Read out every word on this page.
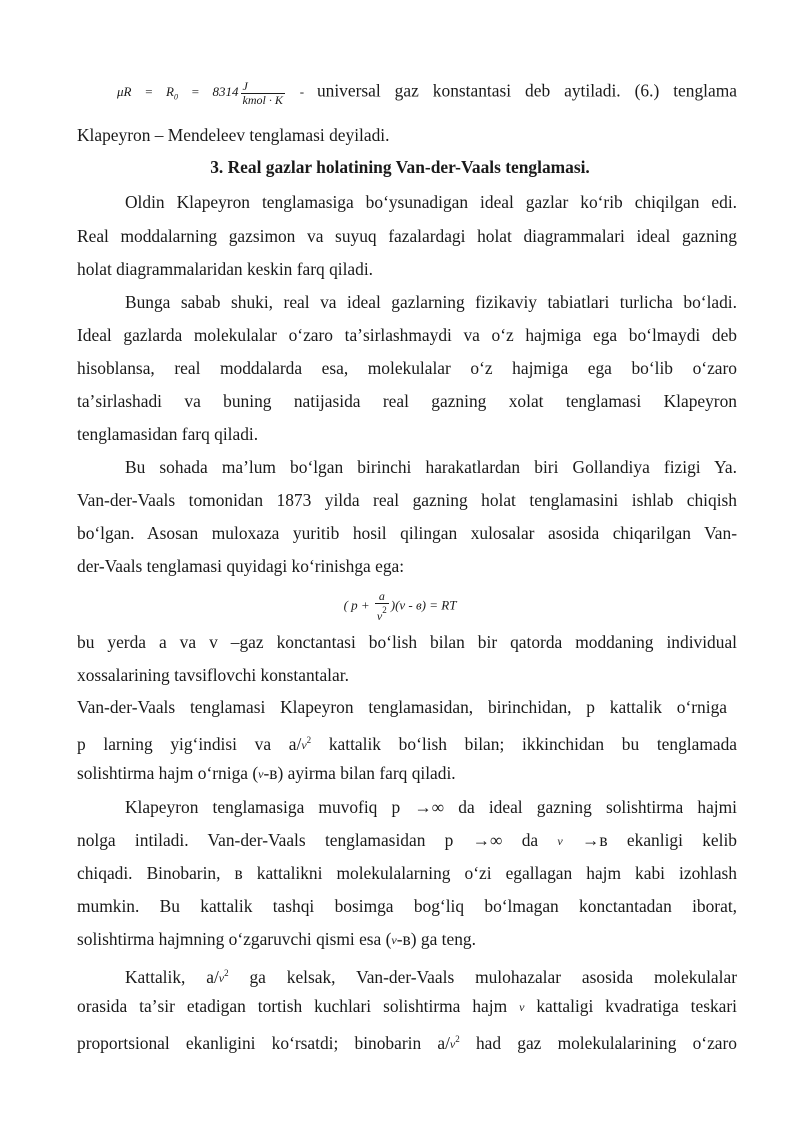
$\mu R = R_0 = 8314 \frac{J}{\text{kmol · K}}$ - universal gaz konstantasi deb aytiladi. (6.) tenglama
Klapeyron – Mendeleev tenglamasi deyiladi.
3. Real gazlar holatining Van-der-Vaals tenglamasi.
Oldin Klapeyron tenglamasiga boʻysunadigan ideal gazlar koʻrib chiqilgan edi.
Real moddalarning gazsimon va suyuq fazalardagi holat diagrammalari ideal gazning
holat diagrammalaridan keskin farq qiladi.
Bunga sabab shuki, real va ideal gazlarning fizikaviy tabiatlari turlicha boʻladi.
Ideal gazlarda molekulalar oʻzaro taʼsirlashmaydi va oʻz hajmiga ega boʻlmaydi deb
hisoblansa, real moddalarda esa, molekulalar oʻz hajmiga ega boʻlib oʻzaro
taʼsirlashadi va buning natijasida real gazning xolat tenglamasi Klapeyron
tenglamasidan farq qiladi.
Bu sohada maʼlum boʻlgan birinchi harakatlardan biri Gollandiya fizigi Ya.
Van-der-Vaals tomonidan 1873 yilda real gazning holat tenglamasini ishlab chiqish
boʻlgan. Asosan muloxaza yuritib hosil qilingan xulosalar asosida chiqarilgan Van-
der-Vaals tenglamasi quyidagi koʻrinishga ega:
( $p + \frac{a}{v^2} )(v - в)$ = RT
bu yerda a va v –gaz konctantasi boʻlish bilan bir qatorda moddaning individual
xossalarining tavsiflovchi konstantalar.
Van-der-Vaals tenglamasi Klapeyron tenglamasidan, birinchidan, p kattalik oʻrniga
p larning yigʻindisi va $a/v^2$ kattalik boʻlish bilan; ikkinchidan bu tenglamada
solishtirma hajm oʻrniga (v-в) ayirma bilan farq qiladi.
Klapeyron tenglamasiga muvofiq p →∞ da ideal gazning solishtirma hajmi
nolga intiladi. Van-der-Vaals tenglamasidan p →∞ da v →в ekanligi kelib
chiqadi. Binobarin, в kattalikni molekulalarning oʻzi egallagan hajm kabi izohlash
mumkin. Bu kattalik tashqi bosimga bogʻliq boʻlmagan konctantadan iborat,
solishtirma hajmning oʻzgaruvchi qismi esa (v-в) ga teng.
Kattalik, $a/v^2$ ga kelsak, Van-der-Vaals mulohazalar asosida molekulalar
orasida taʼsir etadigan tortish kuchlari solishtirma hajm v kattaligi kvadratiga teskari
proportsional ekanligini koʻrsatdi; binobarin $a/v^2$ had gaz molekulalarining oʻzaro
